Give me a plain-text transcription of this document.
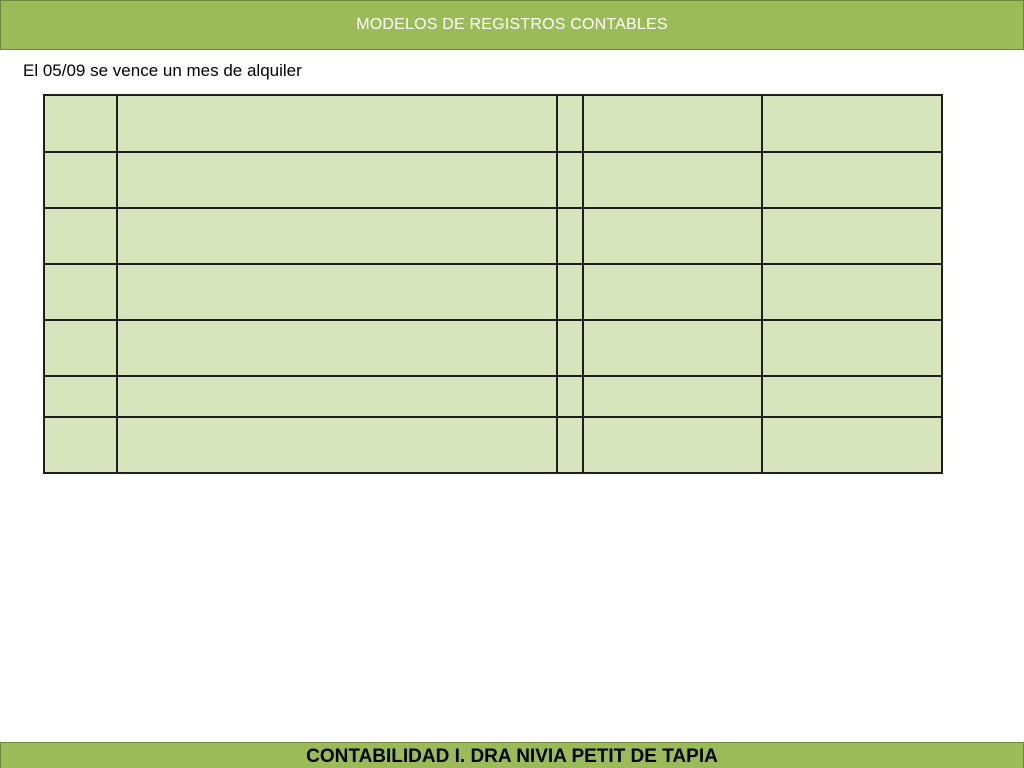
MODELOS DE REGISTROS CONTABLES
El 05/09 se vence un mes de alquiler

CONTABILIDAD I. DRA NIVIA PETIT DE TAPIA
